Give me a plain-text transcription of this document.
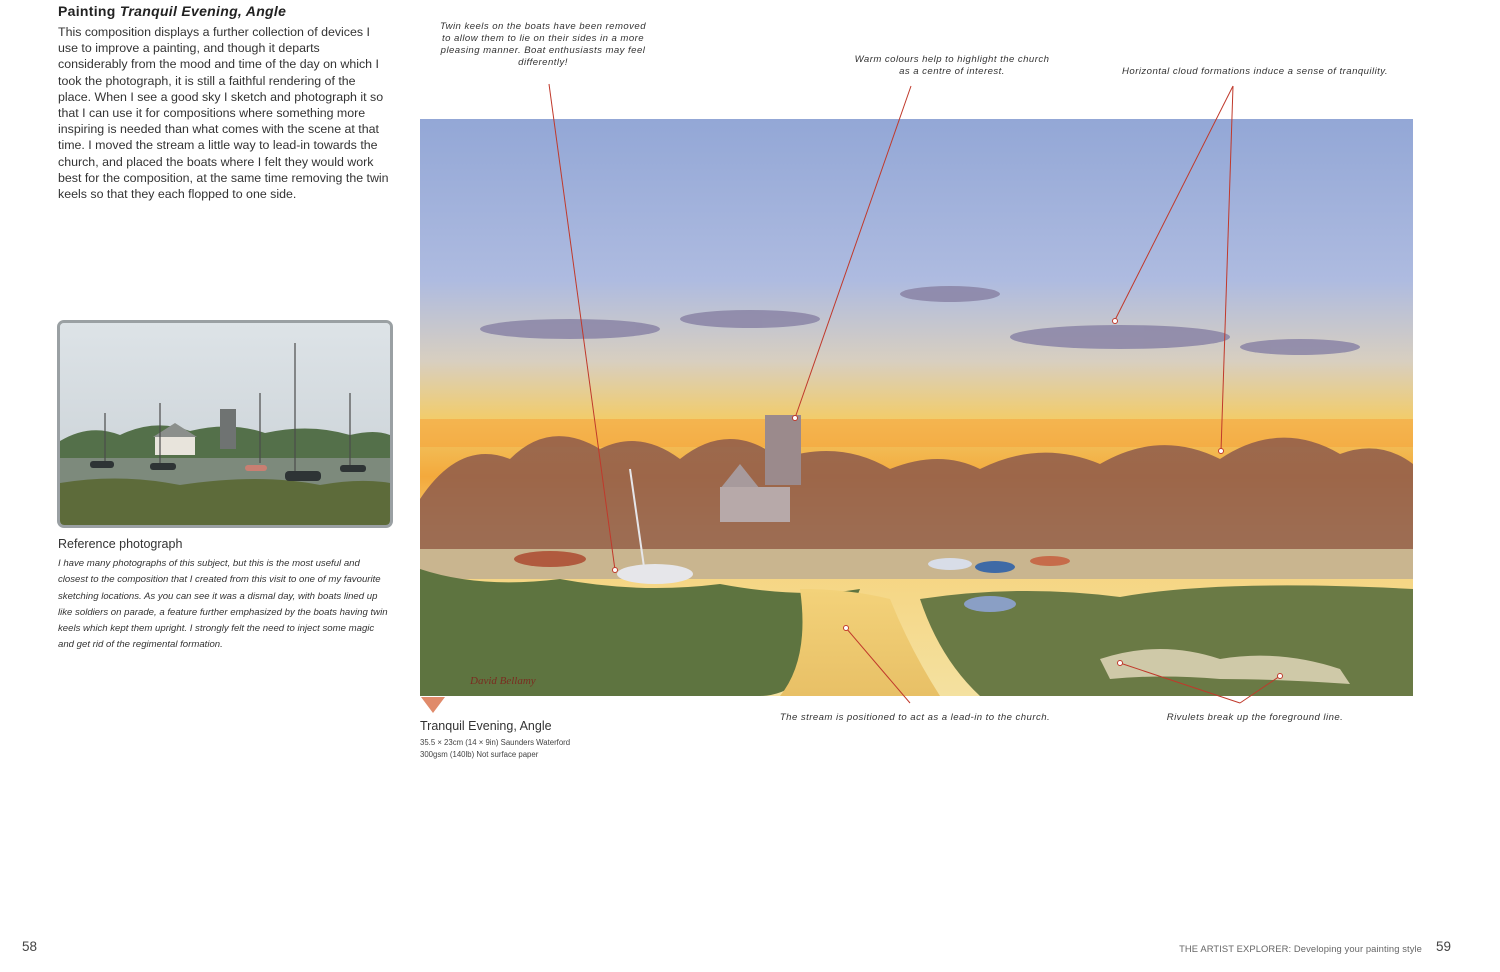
Painting Tranquil Evening, Angle
This composition displays a further collection of devices I use to improve a painting, and though it departs considerably from the mood and time of the day on which I took the photograph, it is still a faithful rendering of the place. When I see a good sky I sketch and photograph it so that I can use it for compositions where something more inspiring is needed than what comes with the scene at that time. I moved the stream a little way to lead-in towards the church, and placed the boats where I felt they would work best for the composition, at the same time removing the twin keels so that they each flopped to one side.
Reference photograph
I have many photographs of this subject, but this is the most useful and closest to the composition that I created from this visit to one of my favourite sketching locations. As you can see it was a dismal day, with boats lined up like soldiers on parade, a feature further emphasized by the boats having twin keels which kept them upright. I strongly felt the need to inject some magic and get rid of the regimental formation.
Twin keels on the boats have been removed to allow them to lie on their sides in a more pleasing manner. Boat enthusiasts may feel differently!	Warm colours help to highlight the church as a centre of interest.	Horizontal cloud formations induce a sense of tranquility.
David Bellamy
The stream is positioned to act as a lead-in to the church.	Rivulets break up the foreground line.
Tranquil Evening, Angle
35.5 × 23cm (14 × 9in) Saunders Waterford
300gsm (140lb) Not surface paper
58	THE ARTIST EXPLORER: Developing your painting style 59
